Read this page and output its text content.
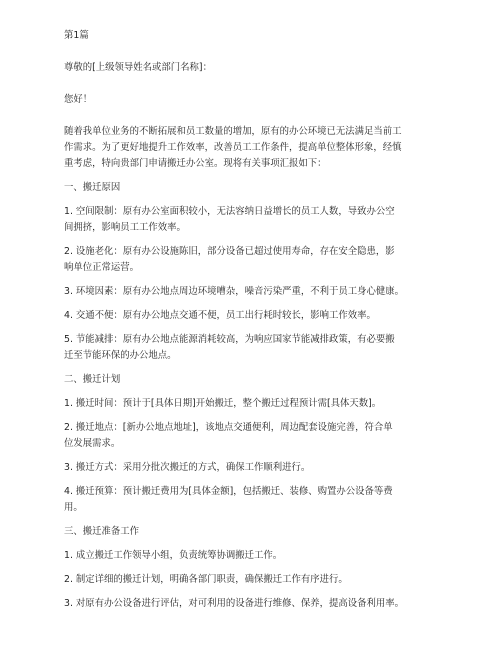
第1篇
尊敬的[上级领导姓名或部门名称]：
您好！
随着我单位业务的不断拓展和员工数量的增加，原有的办公环境已无法满足当前工
作需求。为了更好地提升工作效率，改善员工工作条件，提高单位整体形象，经慎
重考虑，特向贵部门申请搬迁办公室。现将有关事项汇报如下：
一、搬迁原因
1. 空间限制：原有办公室面积较小，无法容纳日益增长的员工人数，导致办公空
间拥挤，影响员工工作效率。
2. 设施老化：原有办公设施陈旧，部分设备已超过使用寿命，存在安全隐患，影
响单位正常运营。
3. 环境因素：原有办公地点周边环境嘈杂，噪音污染严重，不利于员工身心健康。
4. 交通不便：原有办公地点交通不便，员工出行耗时较长，影响工作效率。
5. 节能减排：原有办公地点能源消耗较高，为响应国家节能减排政策，有必要搬
迁至节能环保的办公地点。
二、搬迁计划
1. 搬迁时间：预计于[具体日期]开始搬迁，整个搬迁过程预计需[具体天数]。
2. 搬迁地点：[新办公地点地址]，该地点交通便利，周边配套设施完善，符合单
位发展需求。
3. 搬迁方式：采用分批次搬迁的方式，确保工作顺利进行。
4. 搬迁预算：预计搬迁费用为[具体金额]，包括搬迁、装修、购置办公设备等费
用。
三、搬迁准备工作
1. 成立搬迁工作领导小组，负责统筹协调搬迁工作。
2. 制定详细的搬迁计划，明确各部门职责，确保搬迁工作有序进行。
3. 对原有办公设备进行评估，对可利用的设备进行维修、保养，提高设备利用率。
